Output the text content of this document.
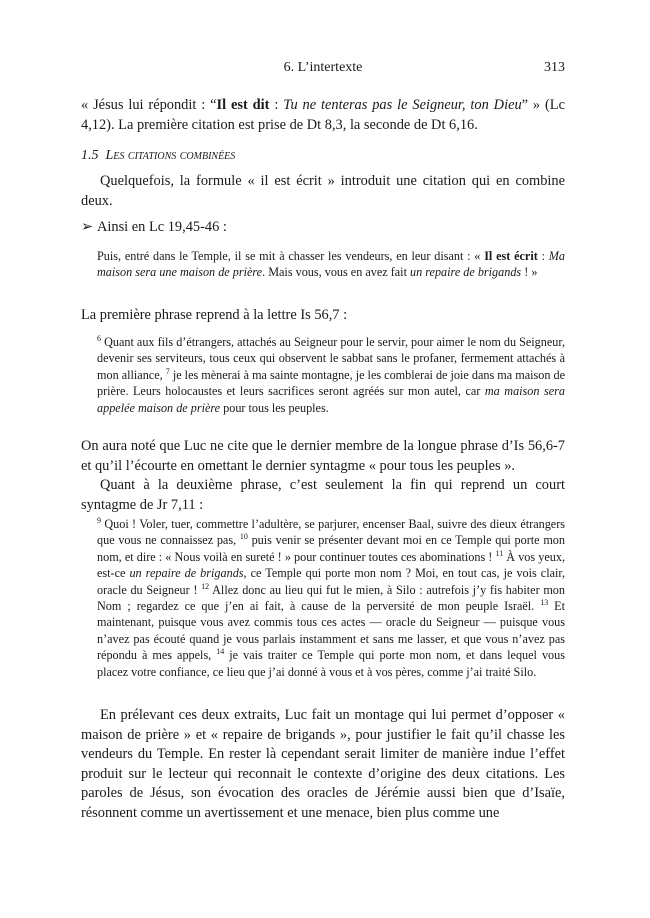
6. L’intertexte	313

« Jésus lui répondit : “Il est dit : Tu ne tenteras pas le Seigneur, ton Dieu” » (Lc 4,12). La première citation est prise de Dt 8,3, la seconde de Dt 6,16.

1.5 Les citations combinées

Quelquefois, la formule « il est écrit » introduit une citation qui en combine deux.

➢ Ainsi en Lc 19,45-46 :

Puis, entré dans le Temple, il se mit à chasser les vendeurs, en leur disant : « Il est écrit : Ma maison sera une maison de prière. Mais vous, vous en avez fait un repaire de brigands ! »

La première phrase reprend à la lettre Is 56,7 :

$^6$ Quant aux fils d’étrangers, attachés au Seigneur pour le servir, pour aimer le nom du Seigneur, devenir ses serviteurs, tous ceux qui observent le sabbat sans le profaner, fermement attachés à mon alliance, $^7$ je les mènerai à ma sainte montagne, je les comblerai de joie dans ma maison de prière. Leurs holocaustes et leurs sacrifices seront agréés sur mon autel, car ma maison sera appelée maison de prière pour tous les peuples.

On aura noté que Luc ne cite que le dernier membre de la longue phrase d’Is 56,6-7 et qu’il l’écourte en omettant le dernier syntagme « pour tous les peuples ».

Quant à la deuxième phrase, c’est seulement la fin qui reprend un court syntagme de Jr 7,11 :

$^9$ Quoi ! Voler, tuer, commettre l’adultère, se parjurer, encenser Baal, suivre des dieux étrangers que vous ne connaissez pas, $^{10}$ puis venir se présenter devant moi en ce Temple qui porte mon nom, et dire : « Nous voilà en sureté ! » pour continuer toutes ces abominations ! $^{11}$ À vos yeux, est-ce un repaire de brigands, ce Temple qui porte mon nom ? Moi, en tout cas, je vois clair, oracle du Seigneur ! $^{12}$ Allez donc au lieu qui fut le mien, à Silo : autrefois j’y fis habiter mon Nom ; regardez ce que j’en ai fait, à cause de la perversité de mon peuple Israël. $^{13}$ Et maintenant, puisque vous avez commis tous ces actes — oracle du Seigneur — puisque vous n’avez pas écouté quand je vous parlais instamment et sans me lasser, et que vous n’avez pas répondu à mes appels, $^{14}$ je vais traiter ce Temple qui porte mon nom, et dans lequel vous placez votre confiance, ce lieu que j’ai donné à vous et à vos pères, comme j’ai traité Silo.

En prélevant ces deux extraits, Luc fait un montage qui lui permet d’opposer « maison de prière » et « repaire de brigands », pour justifier le fait qu’il chasse les vendeurs du Temple. En rester là cependant serait limiter de manière indue l’effet produit sur le lecteur qui reconnait le contexte d’origine des deux citations. Les paroles de Jésus, son évocation des oracles de Jérémie aussi bien que d’Isaïe, résonnent comme un avertissement et une menace, bien plus comme une
